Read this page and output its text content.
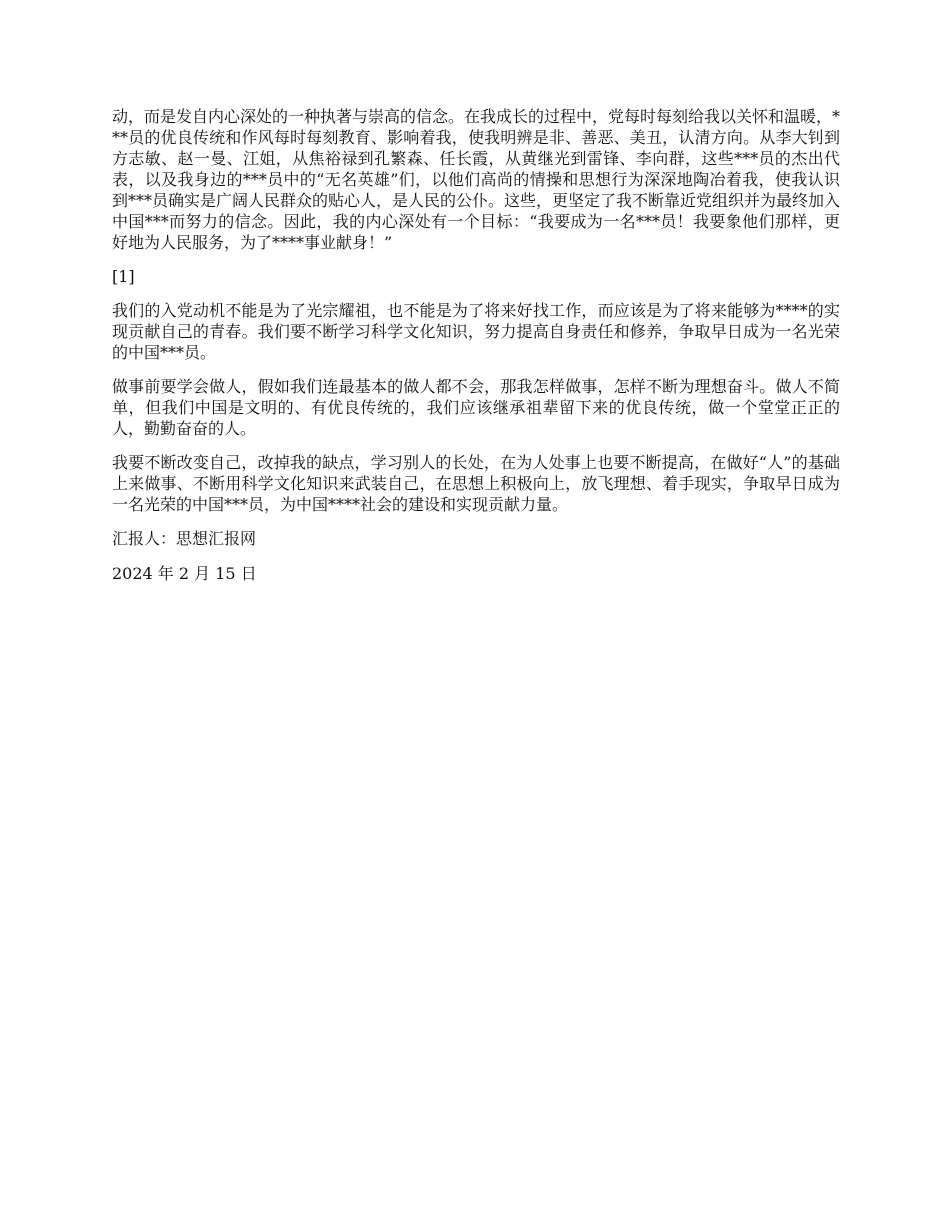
动，而是发自内心深处的一种执著与崇高的信念。在我成长的过程中，党每时每刻给我以关怀和温暖，***员的优良传统和作风每时每刻教育、影响着我，使我明辨是非、善恶、美丑，认清方向。从李大钊到方志敏、赵一曼、江姐，从焦裕禄到孔繁森、任长霞，从黄继光到雷锋、李向群，这些***员的杰出代表，以及我身边的***员中的“无名英雄”们，以他们高尚的情操和思想行为深深地陶冶着我，使我认识到***员确实是广阔人民群众的贴心人，是人民的公仆。这些，更坚定了我不断靠近党组织并为最终加入中国***而努力的信念。因此，我的内心深处有一个目标：“我要成为一名***员！我要象他们那样，更好地为人民服务，为了****事业献身！”

[1]

我们的入党动机不能是为了光宗耀祖，也不能是为了将来好找工作，而应该是为了将来能够为****的实现贡献自己的青春。我们要不断学习科学文化知识，努力提高自身责任和修养，争取早日成为一名光荣的中国***员。

做事前要学会做人，假如我们连最基本的做人都不会，那我怎样做事，怎样不断为理想奋斗。做人不简单，但我们中国是文明的、有优良传统的，我们应该继承祖辈留下来的优良传统，做一个堂堂正正的人，勤勤奋奋的人。

我要不断改变自己，改掉我的缺点，学习别人的长处，在为人处事上也要不断提高，在做好“人”的基础上来做事、不断用科学文化知识来武装自己，在思想上积极向上，放飞理想、着手现实，争取早日成为一名光荣的中国***员，为中国****社会的建设和实现贡献力量。

汇报人：思想汇报网

2024 年 2 月 15 日
